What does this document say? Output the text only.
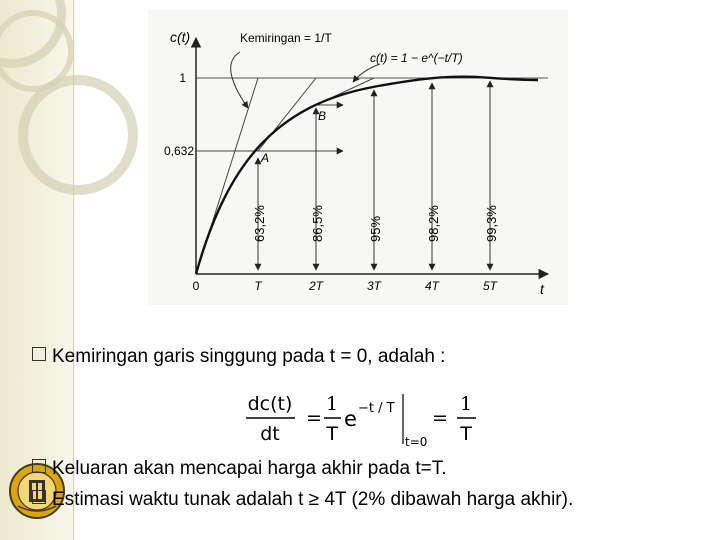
c(t)
t
Kemiringan = 1/T
c(t) = 1 − e^(−t/T)
1
0,632
0	T	2T	3T	4T	5T
A
B
63,2%	86,5%	95%	98,2%	99,3%
Kemiringan garis singgung pada t = 0, adalah :
dc(t)
dt
=
1
T
e −t / T
t=0
=
1
T
Keluaran akan mencapai harga akhir pada t=T.
Estimasi waktu tunak adalah t ≥ 4T (2% dibawah harga akhir).
